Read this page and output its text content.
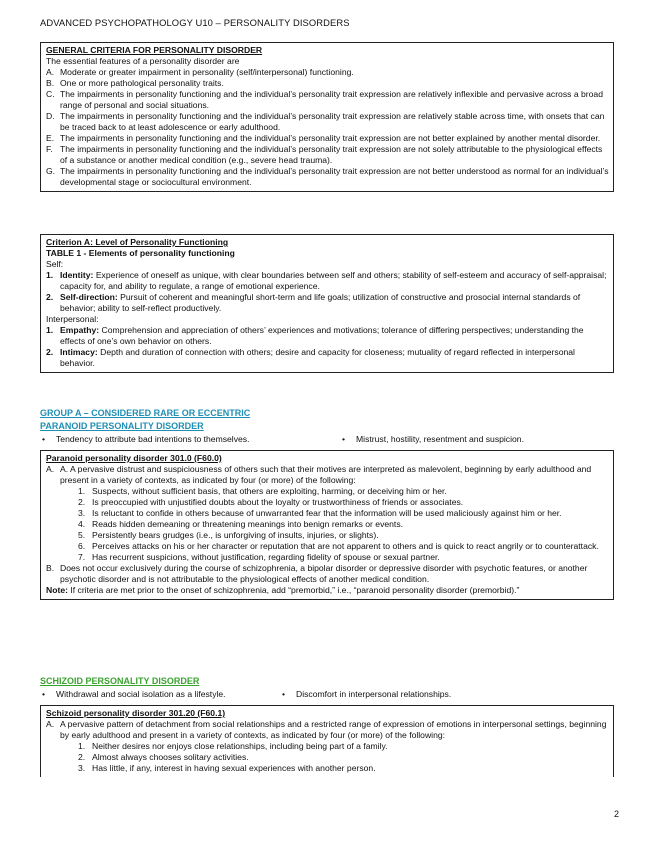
ADVANCED PSYCHOPATHOLOGY U10 – PERSONALITY DISORDERS
GENERAL CRITERIA FOR PERSONALITY DISORDER
The essential features of a personality disorder are
A. Moderate or greater impairment in personality (self/interpersonal) functioning.
B. One or more pathological personality traits.
C. The impairments in personality functioning and the individual’s personality trait expression are relatively inflexible and pervasive across a broad range of personal and social situations.
D. The impairments in personality functioning and the individual’s personality trait expression are relatively stable across time, with onsets that can be traced back to at least adolescence or early adulthood.
E. The impairments in personality functioning and the individual’s personality trait expression are not better explained by another mental disorder.
F. The impairments in personality functioning and the individual’s personality trait expression are not solely attributable to the physiological effects of a substance or another medical condition (e.g., severe head trauma).
G. The impairments in personality functioning and the individual’s personality trait expression are not better understood as normal for an individual’s developmental stage or sociocultural environment.
Criterion A: Level of Personality Functioning
TABLE 1 - Elements of personality functioning
Self:
1. Identity: Experience of oneself as unique, with clear boundaries between self and others; stability of self-esteem and accuracy of self-appraisal; capacity for, and ability to regulate, a range of emotional experience.
2. Self-direction: Pursuit of coherent and meaningful short-term and life goals; utilization of constructive and prosocial internal standards of behavior; ability to self-reflect productively.
Interpersonal:
1. Empathy: Comprehension and appreciation of others’ experiences and motivations; tolerance of differing perspectives; understanding the effects of one’s own behavior on others.
2. Intimacy: Depth and duration of connection with others; desire and capacity for closeness; mutuality of regard reflected in interpersonal behavior.
GROUP A – CONSIDERED RARE OR ECCENTRIC
PARANOID PERSONALITY DISORDER
•	Tendency to attribute bad intentions to themselves.	•	Mistrust, hostility, resentment and suspicion.
Paranoid personality disorder 301.0 (F60.0)
A. A. A pervasive distrust and suspiciousness of others such that their motives are interpreted as malevolent, beginning by early adulthood and present in a variety of contexts, as indicated by four (or more) of the following:
1. Suspects, without sufficient basis, that others are exploiting, harming, or deceiving him or her.
2. Is preoccupied with unjustified doubts about the loyalty or trustworthiness of friends or associates.
3. Is reluctant to confide in others because of unwarranted fear that the information will be used maliciously against him or her.
4. Reads hidden demeaning or threatening meanings into benign remarks or events.
5. Persistently bears grudges (i.e., is unforgiving of insults, injuries, or slights).
6. Perceives attacks on his or her character or reputation that are not apparent to others and is quick to react angrily or to counterattack.
7. Has recurrent suspicions, without justification, regarding fidelity of spouse or sexual partner.
B. Does not occur exclusively during the course of schizophrenia, a bipolar disorder or depressive disorder with psychotic features, or another psychotic disorder and is not attributable to the physiological effects of another medical condition.
Note: If criteria are met prior to the onset of schizophrenia, add “premorbid,” i.e., “paranoid personality disorder (premorbid).”
SCHIZOID PERSONALITY DISORDER
•	Withdrawal and social isolation as a lifestyle.	•	Discomfort in interpersonal relationships.
Schizoid personality disorder 301.20 (F60.1)
A. A pervasive pattern of detachment from social relationships and a restricted range of expression of emotions in interpersonal settings, beginning by early adulthood and present in a variety of contexts, as indicated by four (or more) of the following:
1. Neither desires nor enjoys close relationships, including being part of a family.
2. Almost always chooses solitary activities.
3. Has little, if any, interest in having sexual experiences with another person.
2
